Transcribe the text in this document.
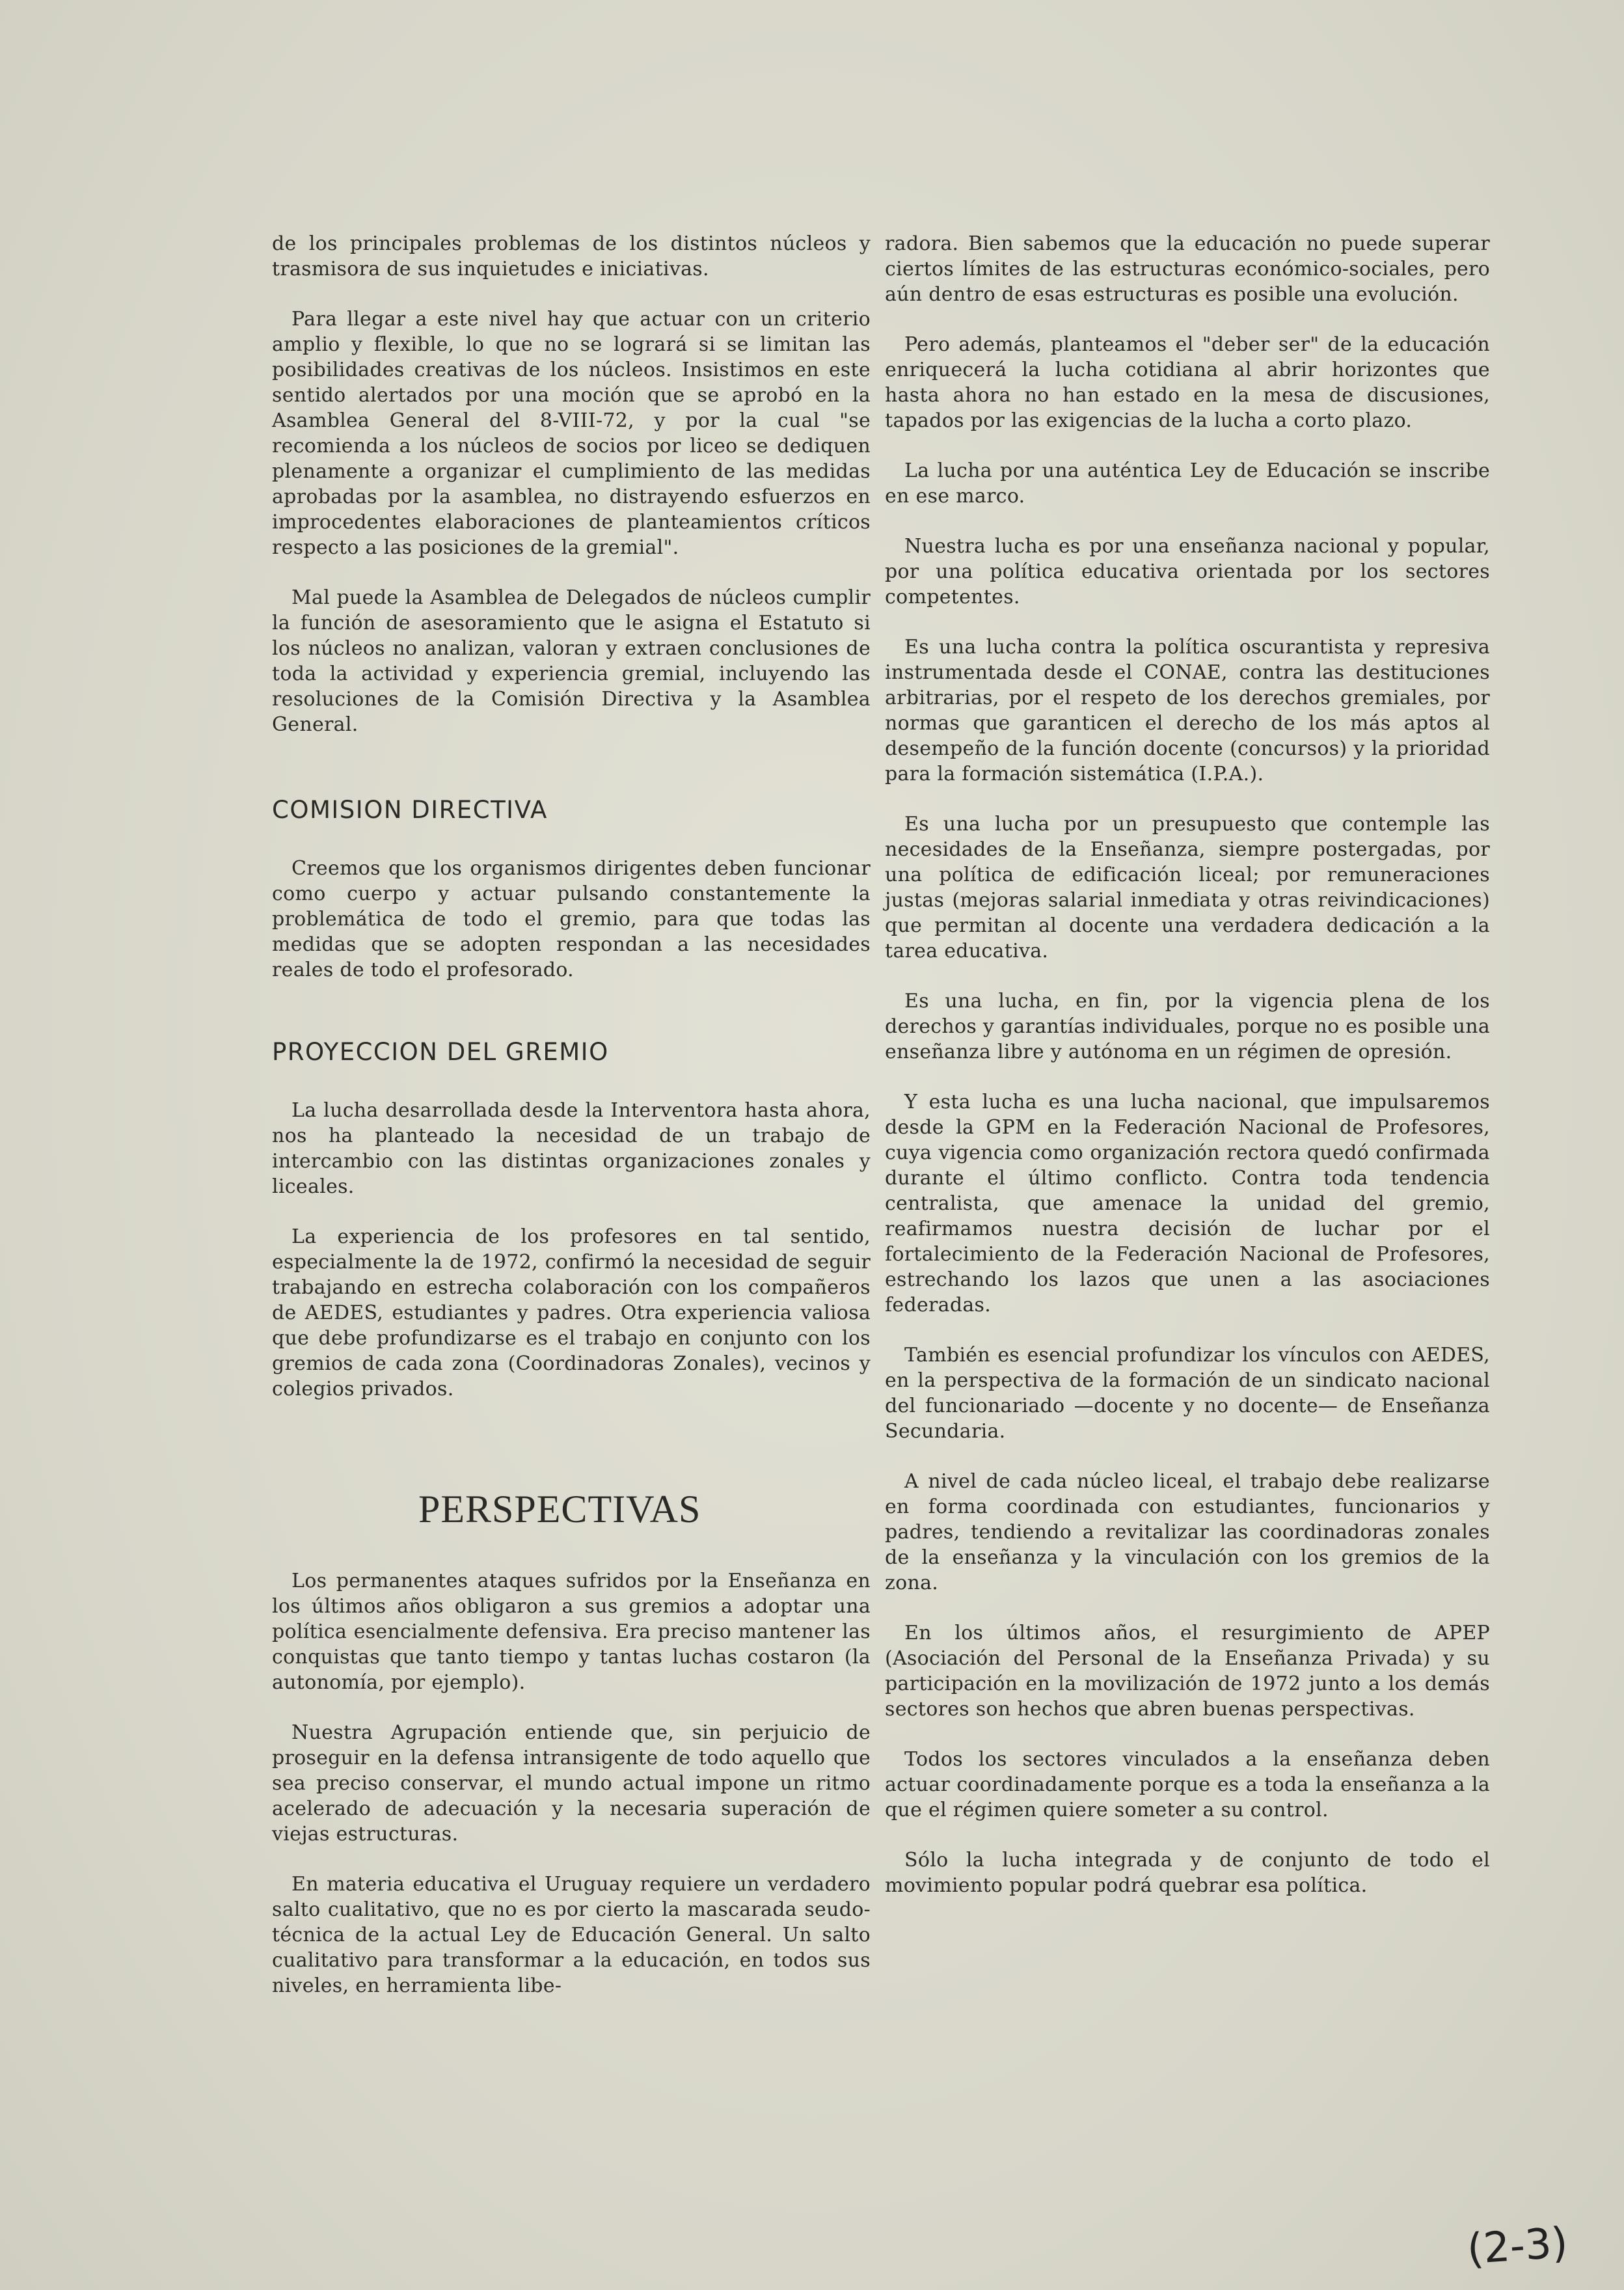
de los principales problemas de los distintos núcleos y trasmisora de sus inquietudes e iniciativas.

Para llegar a este nivel hay que actuar con un criterio amplio y flexible, lo que no se logrará si se limitan las posibilidades creativas de los núcleos. Insistimos en este sentido alertados por una moción que se aprobó en la Asamblea General del 8-VIII-72, y por la cual "se recomienda a los núcleos de socios por liceo se dediquen plenamente a organizar el cumplimiento de las medidas aprobadas por la asamblea, no distrayendo esfuerzos en improcedentes elaboraciones de planteamientos críticos respecto a las posiciones de la gremial".

Mal puede la Asamblea de Delegados de núcleos cumplir la función de asesoramiento que le asigna el Estatuto si los núcleos no analizan, valoran y extraen conclusiones de toda la actividad y experiencia gremial, incluyendo las resoluciones de la Comisión Directiva y la Asamblea General.

COMISION DIRECTIVA

Creemos que los organismos dirigentes deben funcionar como cuerpo y actuar pulsando constantemente la problemática de todo el gremio, para que todas las medidas que se adopten respondan a las necesidades reales de todo el profesorado.

PROYECCION DEL GREMIO

La lucha desarrollada desde la Interventora hasta ahora, nos ha planteado la necesidad de un trabajo de intercambio con las distintas organizaciones zonales y liceales.

La experiencia de los profesores en tal sentido, especialmente la de 1972, confirmó la necesidad de seguir trabajando en estrecha colaboración con los compañeros de AEDES, estudiantes y padres. Otra experiencia valiosa que debe profundizarse es el trabajo en conjunto con los gremios de cada zona (Coordinadoras Zonales), vecinos y colegios privados.

PERSPECTIVAS

Los permanentes ataques sufridos por la Enseñanza en los últimos años obligaron a sus gremios a adoptar una política esencialmente defensiva. Era preciso mantener las conquistas que tanto tiempo y tantas luchas costaron (la autonomía, por ejemplo).

Nuestra Agrupación entiende que, sin perjuicio de proseguir en la defensa intransigente de todo aquello que sea preciso conservar, el mundo actual impone un ritmo acelerado de adecuación y la necesaria superación de viejas estructuras.

En materia educativa el Uruguay requiere un verdadero salto cualitativo, que no es por cierto la mascarada seudo-técnica de la actual Ley de Educación General. Un salto cualitativo para transformar a la educación, en todos sus niveles, en herramienta libe-

radora. Bien sabemos que la educación no puede superar ciertos límites de las estructuras económico-sociales, pero aún dentro de esas estructuras es posible una evolución.

Pero además, planteamos el "deber ser" de la educación enriquecerá la lucha cotidiana al abrir horizontes que hasta ahora no han estado en la mesa de discusiones, tapados por las exigencias de la lucha a corto plazo.

La lucha por una auténtica Ley de Educación se inscribe en ese marco.

Nuestra lucha es por una enseñanza nacional y popular, por una política educativa orientada por los sectores competentes.

Es una lucha contra la política oscurantista y represiva instrumentada desde el CONAE, contra las destituciones arbitrarias, por el respeto de los derechos gremiales, por normas que garanticen el derecho de los más aptos al desempeño de la función docente (concursos) y la prioridad para la formación sistemática (I.P.A.).

Es una lucha por un presupuesto que contemple las necesidades de la Enseñanza, siempre postergadas, por una política de edificación liceal; por remuneraciones justas (mejoras salarial inmediata y otras reivindicaciones) que permitan al docente una verdadera dedicación a la tarea educativa.

Es una lucha, en fin, por la vigencia plena de los derechos y garantías individuales, porque no es posible una enseñanza libre y autónoma en un régimen de opresión.

Y esta lucha es una lucha nacional, que impulsaremos desde la GPM en la Federación Nacional de Profesores, cuya vigencia como organización rectora quedó confirmada durante el último conflicto. Contra toda tendencia centralista, que amenace la unidad del gremio, reafirmamos nuestra decisión de luchar por el fortalecimiento de la Federación Nacional de Profesores, estrechando los lazos que unen a las asociaciones federadas.

También es esencial profundizar los vínculos con AEDES, en la perspectiva de la formación de un sindicato nacional del funcionariado —docente y no docente— de Enseñanza Secundaria.

A nivel de cada núcleo liceal, el trabajo debe realizarse en forma coordinada con estudiantes, funcionarios y padres, tendiendo a revitalizar las coordinadoras zonales de la enseñanza y la vinculación con los gremios de la zona.

En los últimos años, el resurgimiento de APEP (Asociación del Personal de la Enseñanza Privada) y su participación en la movilización de 1972 junto a los demás sectores son hechos que abren buenas perspectivas.

Todos los sectores vinculados a la enseñanza deben actuar coordinadamente porque es a toda la enseñanza a la que el régimen quiere someter a su control.

Sólo la lucha integrada y de conjunto de todo el movimiento popular podrá quebrar esa política.

(2-3)
